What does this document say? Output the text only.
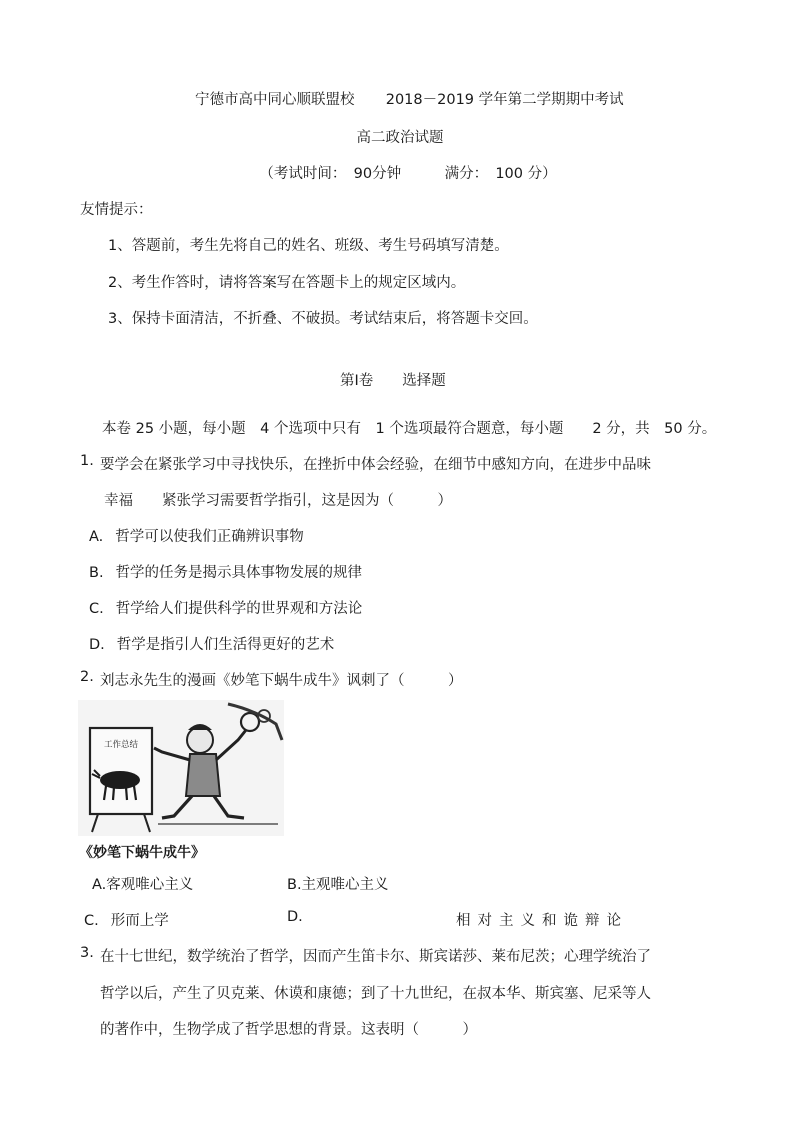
宁德市高中同心顺联盟校 2018－2019 学年第二学期期中考试
高二政治试题
（考试时间：　90分钟　　　满分：　100 分）
友情提示：
1、答题前，考生先将自己的姓名、班级、考生号码填写清楚。
2、考生作答时，请将答案写在答题卡上的规定区域内。
3、保持卡面清洁，不折叠、不破损。考试结束后，将答题卡交回。
第Ⅰ卷　　选择题
本卷 25 小题，每小题　4 个选项中只有　1 个选项最符合题意，每小题　　2 分，共　50 分。
1. 要学会在紧张学习中寻找快乐，在挫折中体会经验，在细节中感知方向，在进步中品味
幸福　　紧张学习需要哲学指引，这是因为（　　　）
A. 哲学可以使我们正确辨识事物
B. 哲学的任务是揭示具体事物发展的规律
C. 哲学给人们提供科学的世界观和方法论
D. 哲学是指引人们生活得更好的艺术
2. 刘志永先生的漫画《妙笔下蜗牛成牛》讽刺了（　　　）
工作总结
《妙笔下蜗牛成牛》
A.客观唯心主义	B.主观唯心主义
C. 形而上学	D.	相对主义和诡辩论
3. 在十七世纪，数学统治了哲学，因而产生笛卡尔、斯宾诺莎、莱布尼茨；心理学统治了
哲学以后，产生了贝克莱、休谟和康德；到了十九世纪，在叔本华、斯宾塞、尼采等人
的著作中，生物学成了哲学思想的背景。这表明（　　　）
